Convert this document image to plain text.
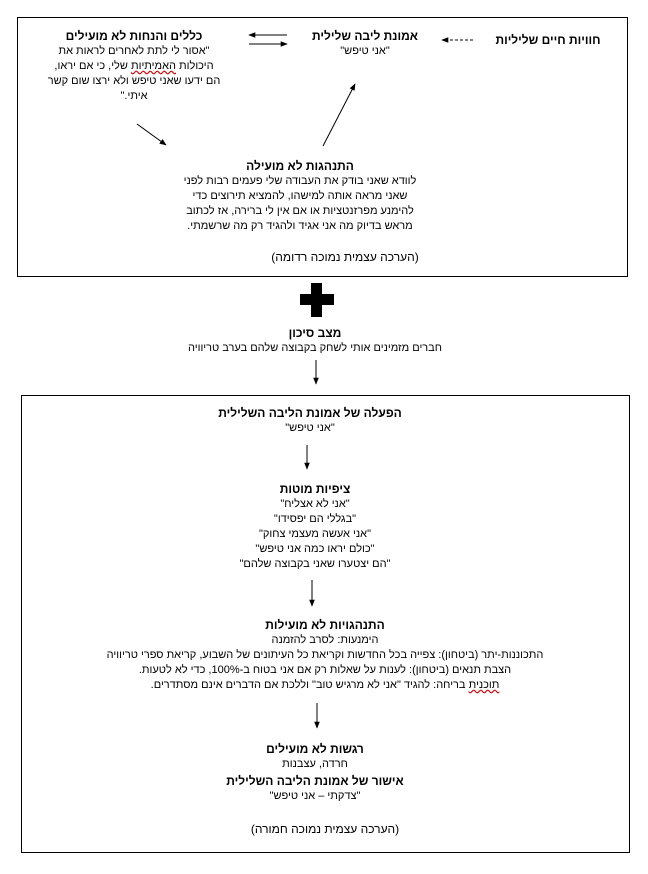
כללים והנחות לא מועילים
"אסור לי לתת לאחרים לראות את
היכולות האמיתיות שלי, כי אם יראו,
הם ידעו שאני טיפש ולא ירצו שום קשר
איתי."
אמונת ליבה שלילית
"אני טיפש"
חוויות חיים שליליות
התנהגות לא מועילה
לוודא שאני בודק את העבודה שלי פעמים רבות לפני
שאני מראה אותה למישהו, להמציא תירוצים כדי
להימנע מפרזנטציות או אם אין לי ברירה, אז לכתוב
מראש בדיוק מה אני אגיד ולהגיד רק מה שרשמתי.
(הערכה עצמית נמוכה רדומה)
מצב סיכון
חברים מזמינים אותי לשחק בקבוצה שלהם בערב טריוויה
הפעלה של אמונת הליבה השלילית
"אני טיפש"
ציפיות מוטות
"אני לא אצליח"
"בגללי הם יפסידו"
"אני אעשה מעצמי צחוק"
"כולם יראו כמה אני טיפש"
"הם יצטערו שאני בקבוצה שלהם"
התנהגויות לא מועילות
הימנעות: לסרב להזמנה
התכוננות-יתר (ביטחון): צפייה בכל החדשות וקריאת כל העיתונים של השבוע, קריאת ספרי טריוויה
הצבת תנאים (ביטחון): לענות על שאלות רק אם אני בטוח ב-100%, כדי לא לטעות.
תוכנית בריחה: להגיד "אני לא מרגיש טוב" וללכת אם הדברים אינם מסתדרים.
רגשות לא מועילים
חרדה, עצבנות
אישור של אמונת הליבה השלילית
"צדקתי – אני טיפש"
(הערכה עצמית נמוכה חמורה)
